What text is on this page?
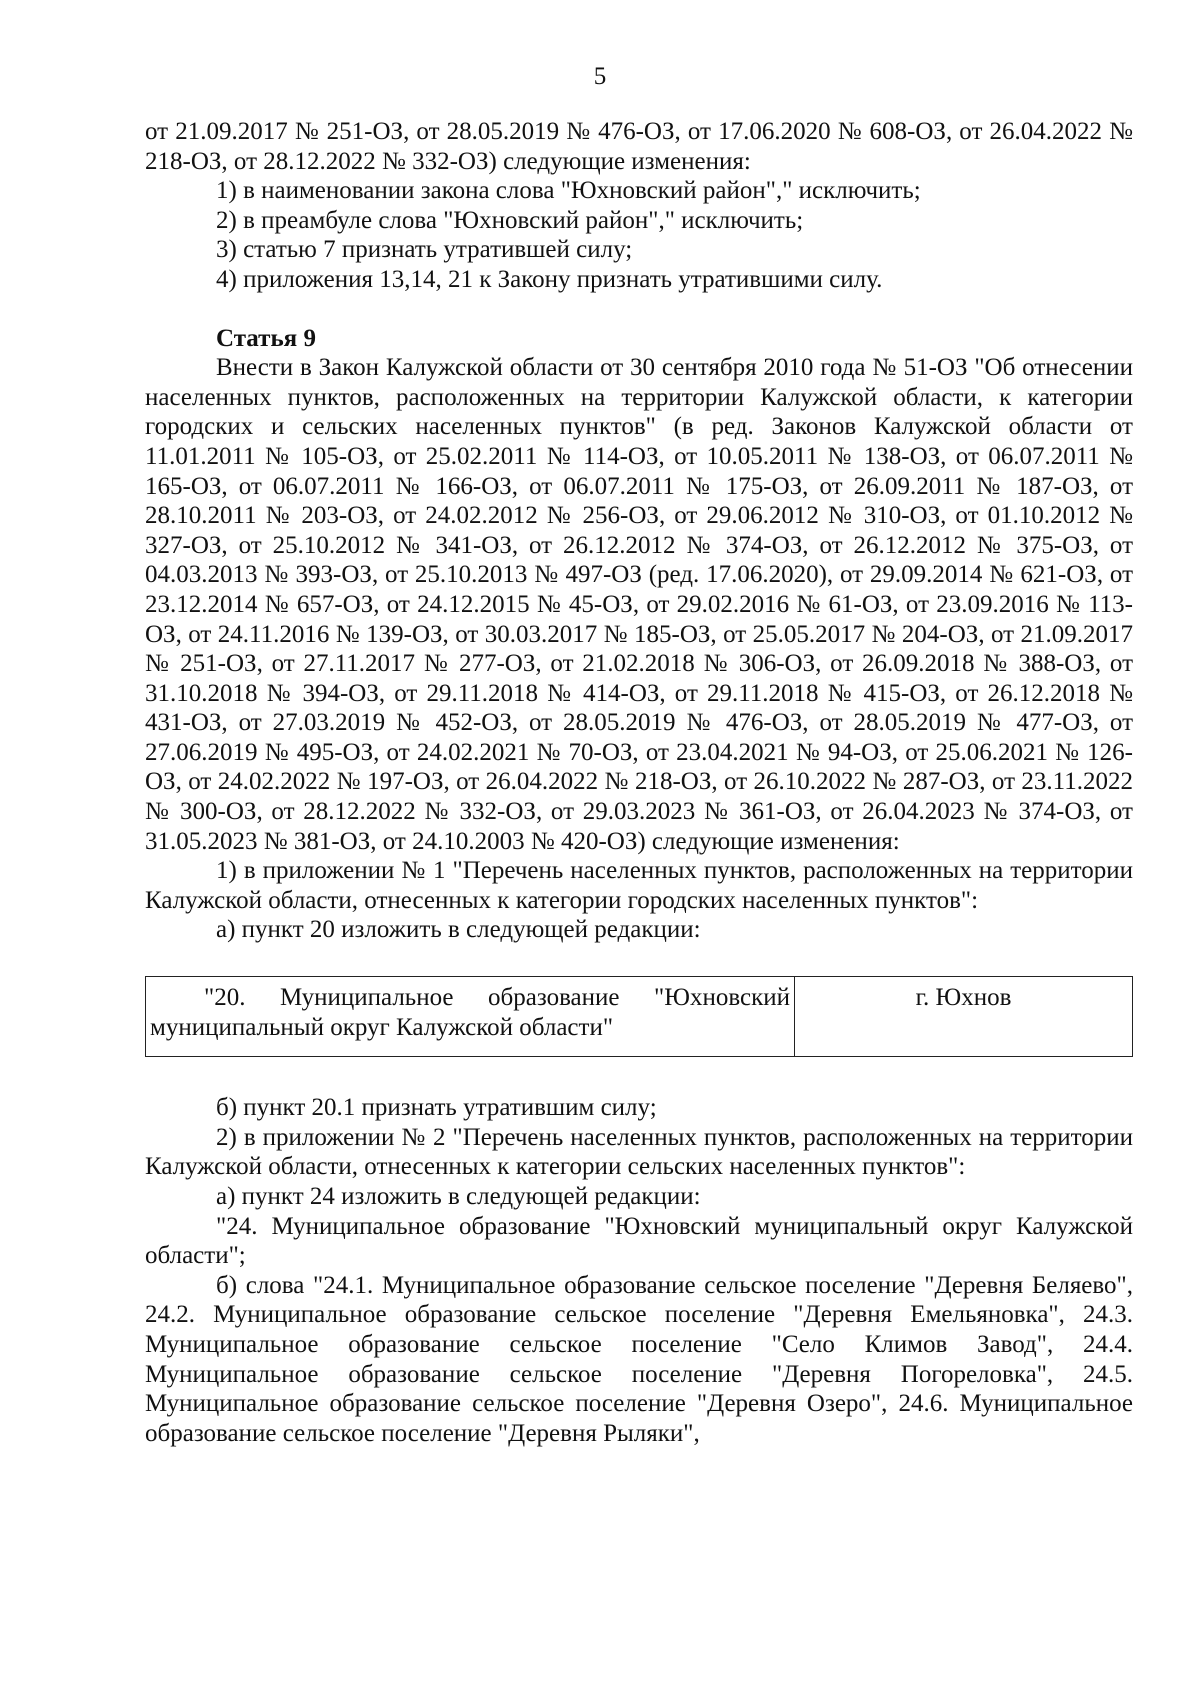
5

от 21.09.2017 № 251-ОЗ, от 28.05.2019 № 476-ОЗ, от 17.06.2020 № 608-ОЗ, от 26.04.2022 № 218-ОЗ, от 28.12.2022 № 332-ОЗ) следующие изменения:

1) в наименовании закона слова "Юхновский район"," исключить;

2) в преамбуле слова "Юхновский район"," исключить;

3) статью 7 признать утратившей силу;

4) приложения 13,14, 21 к Закону признать утратившими силу.

Статья 9

Внести в Закон Калужской области от 30 сентября 2010 года № 51-ОЗ "Об отнесении населенных пунктов, расположенных на территории Калужской области, к категории городских и сельских населенных пунктов" (в ред. Законов Калужской области от 11.01.2011 № 105-ОЗ, от 25.02.2011 № 114-ОЗ, от 10.05.2011 № 138-ОЗ, от 06.07.2011 № 165-ОЗ, от 06.07.2011 № 166-ОЗ, от 06.07.2011 № 175-ОЗ, от 26.09.2011 № 187-ОЗ, от 28.10.2011 № 203-ОЗ, от 24.02.2012 № 256-ОЗ, от 29.06.2012 № 310-ОЗ, от 01.10.2012 № 327-ОЗ, от 25.10.2012 № 341-ОЗ, от 26.12.2012 № 374-ОЗ, от 26.12.2012 № 375-ОЗ, от 04.03.2013 № 393-ОЗ, от 25.10.2013 № 497-ОЗ (ред. 17.06.2020), от 29.09.2014 № 621-ОЗ, от 23.12.2014 № 657-ОЗ, от 24.12.2015 № 45-ОЗ, от 29.02.2016 № 61-ОЗ, от 23.09.2016 № 113-ОЗ, от 24.11.2016 № 139-ОЗ, от 30.03.2017 № 185-ОЗ, от 25.05.2017 № 204-ОЗ, от 21.09.2017 № 251-ОЗ, от 27.11.2017 № 277-ОЗ, от 21.02.2018 № 306-ОЗ, от 26.09.2018 № 388-ОЗ, от 31.10.2018 № 394-ОЗ, от 29.11.2018 № 414-ОЗ, от 29.11.2018 № 415-ОЗ, от 26.12.2018 № 431-ОЗ, от 27.03.2019 № 452-ОЗ, от 28.05.2019 № 476-ОЗ, от 28.05.2019 № 477-ОЗ, от 27.06.2019 № 495-ОЗ, от 24.02.2021 № 70-ОЗ, от 23.04.2021 № 94-ОЗ, от 25.06.2021 № 126-ОЗ, от 24.02.2022 № 197-ОЗ, от 26.04.2022 № 218-ОЗ, от 26.10.2022 № 287-ОЗ, от 23.11.2022 № 300-ОЗ, от 28.12.2022 № 332-ОЗ, от 29.03.2023 № 361-ОЗ, от 26.04.2023 № 374-ОЗ, от 31.05.2023 № 381-ОЗ, от 24.10.2003 № 420-ОЗ) следующие изменения:

1) в приложении № 1 "Перечень населенных пунктов, расположенных на территории Калужской области, отнесенных к категории городских населенных пунктов":

а) пункт 20 изложить в следующей редакции:

"20. Муниципальное образование "Юхновский муниципальный округ Калужской области"
	г. Юхнов

б) пункт 20.1 признать утратившим силу;

2) в приложении № 2 "Перечень населенных пунктов, расположенных на территории Калужской области, отнесенных к категории сельских населенных пунктов":

а) пункт 24 изложить в следующей редакции:

"24. Муниципальное образование "Юхновский муниципальный округ Калужской области";

б) слова "24.1. Муниципальное образование сельское поселение "Деревня Беляево", 24.2. Муниципальное образование сельское поселение "Деревня Емельяновка", 24.3. Муниципальное образование сельское поселение "Село Климов Завод", 24.4. Муниципальное образование сельское поселение "Деревня Погореловка", 24.5. Муниципальное образование сельское поселение "Деревня Озеро", 24.6. Муниципальное образование сельское поселение "Деревня Рыляки",
